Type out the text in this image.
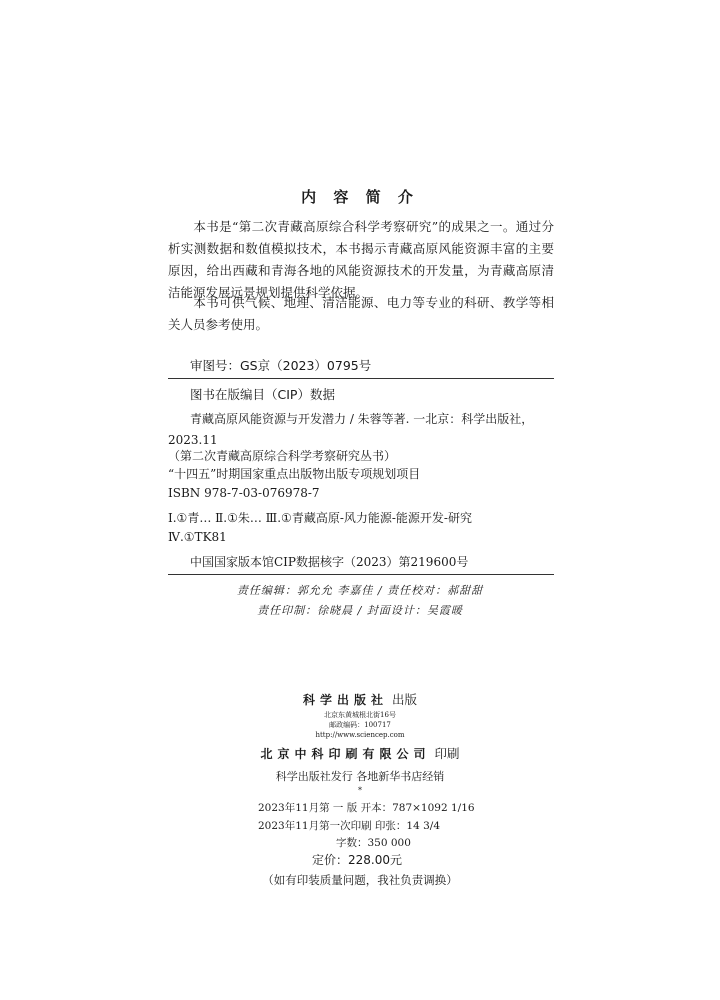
内 容 简 介
本书是“第二次青藏高原综合科学考察研究”的成果之一。通过分析实测数据和数值模拟技术，本书揭示青藏高原风能资源丰富的主要原因，给出西藏和青海各地的风能资源技术的开发量，为青藏高原清洁能源发展远景规划提供科学依据。
本书可供气候、地理、清洁能源、电力等专业的科研、教学等相关人员参考使用。
审图号：GS京（2023）0795号
图书在版编目（CIP）数据
青藏高原风能资源与开发潜力 / 朱蓉等著. 一北京：科学出版社，
2023.11
（第二次青藏高原综合科学考察研究丛书）
“十四五”时期国家重点出版物出版专项规划项目
ISBN 978-7-03-076978-7
Ⅰ.①青… Ⅱ.①朱… Ⅲ.①青藏高原-风力能源-能源开发-研究
Ⅳ.①TK81
中国国家版本馆CIP数据核字（2023）第219600号
责任编辑：郭允允 李嘉佳 / 责任校对：郝甜甜
责任印制：徐晓晨 / 封面设计：吴霞暖
科学出版社 出版
北京东黄城根北街16号
邮政编码：100717
http://www.sciencep.com
北京中科印刷有限公司 印刷
科学出版社发行 各地新华书店经销
*
2023年11月第 一 版 开本：787×1092 1/16
2023年11月第一次印刷 印张：14 3/4
字数：350 000
定价：228.00元
（如有印装质量问题，我社负责调换）
